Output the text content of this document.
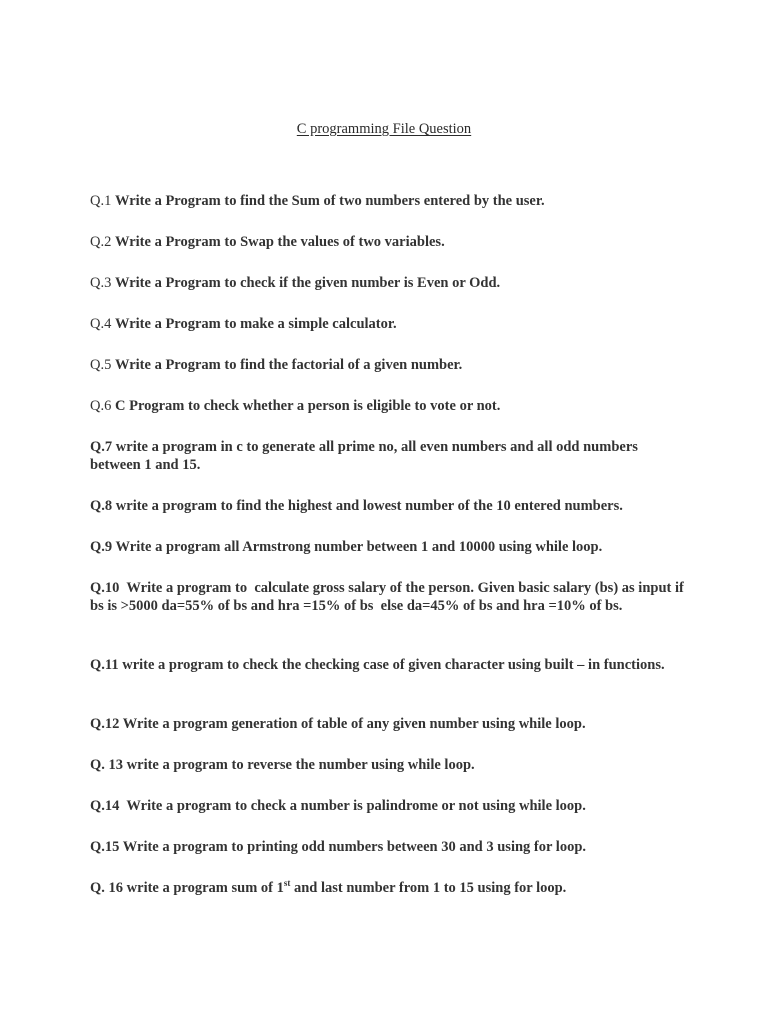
C programming File Question
Q.1 Write a Program to find the Sum of two numbers entered by the user.
Q.2 Write a Program to Swap the values of two variables.
Q.3 Write a Program to check if the given number is Even or Odd.
Q.4 Write a Program to make a simple calculator.
Q.5 Write a Program to find the factorial of a given number.
Q.6 C Program to check whether a person is eligible to vote or not.
Q.7 write a program in c to generate all prime no, all even numbers and all odd numbers between 1 and 15.
Q.8 write a program to find the highest and lowest number of the 10 entered numbers.
Q.9 Write a program all Armstrong number between 1 and 10000 using while loop.
Q.10  Write a program to  calculate gross salary of the person. Given basic salary (bs) as input if bs is >5000 da=55% of bs and hra =15% of bs  else da=45% of bs and hra =10% of bs.
Q.11 write a program to check the checking case of given character using built – in functions.
Q.12 Write a program generation of table of any given number using while loop.
Q. 13 write a program to reverse the number using while loop.
Q.14  Write a program to check a number is palindrome or not using while loop.
Q.15 Write a program to printing odd numbers between 30 and 3 using for loop.
Q. 16 write a program sum of 1st and last number from 1 to 15 using for loop.
